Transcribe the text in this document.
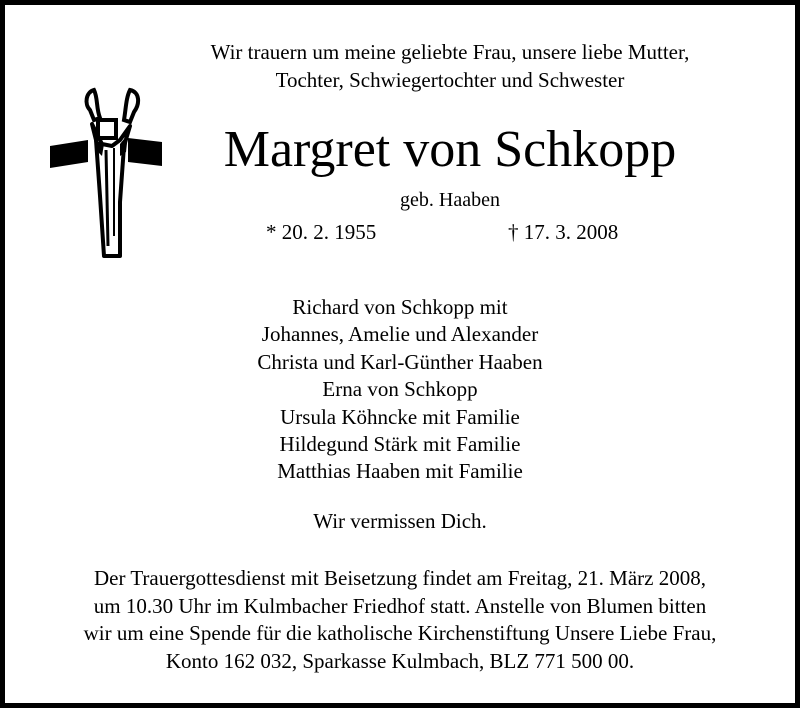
Wir trauern um meine geliebte Frau, unsere liebe Mutter,
Tochter, Schwiegertochter und Schwester
Margret von Schkopp
geb. Haaben
* 20. 2. 1955	† 17. 3. 2008
Richard von Schkopp mit
Johannes, Amelie und Alexander
Christa und Karl-Günther Haaben
Erna von Schkopp
Ursula Köhncke mit Familie
Hildegund Stärk mit Familie
Matthias Haaben mit Familie
Wir vermissen Dich.
Der Trauergottesdienst mit Beisetzung findet am Freitag, 21. März 2008,
um 10.30 Uhr im Kulmbacher Friedhof statt. Anstelle von Blumen bitten
wir um eine Spende für die katholische Kirchenstiftung Unsere Liebe Frau,
Konto 162 032, Sparkasse Kulmbach, BLZ 771 500 00.
